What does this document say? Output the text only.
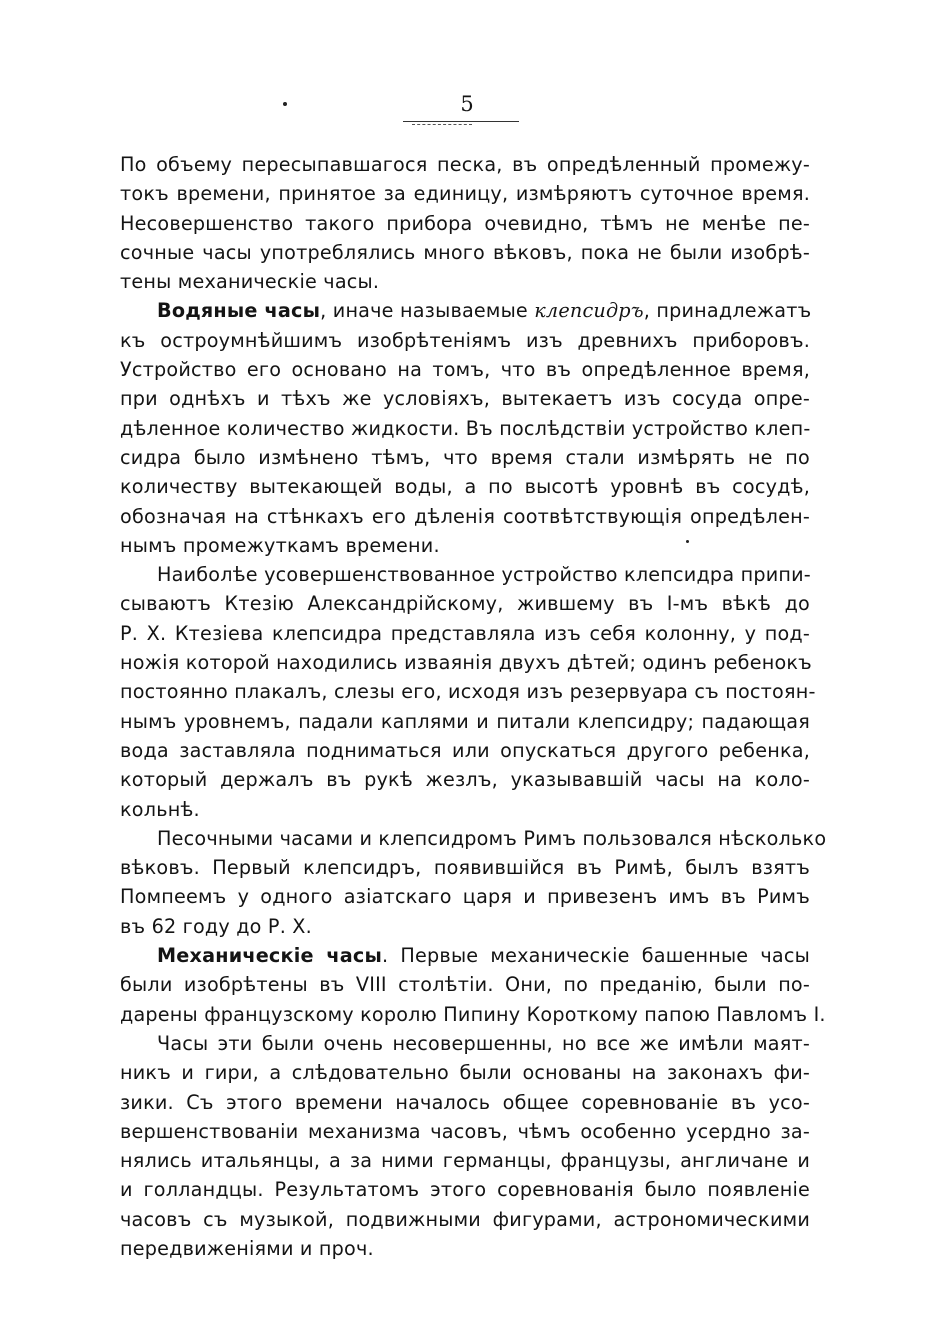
5
По объему пересыпавшагося песка, въ опредѣленный промежу-
токъ времени, принятое за единицу, измѣряютъ суточное время.
Несовершенство такого прибора очевидно, тѣмъ не менѣе пе-
сочные часы употреблялись много вѣковъ, пока не были изобрѣ-
тены механическіе часы.
Водяные часы, иначе называемые клепсидръ, принадлежатъ
къ остроумнѣйшимъ изобрѣтеніямъ изъ древнихъ приборовъ.
Устройство его основано на томъ, что въ опредѣленное время,
при однѣхъ и тѣхъ же условіяхъ, вытекаетъ изъ сосуда опре-
дѣленное количество жидкости. Въ послѣдствіи устройство клеп-
сидра было измѣнено тѣмъ, что время стали измѣрять не по
количеству вытекающей воды, а по высотѣ уровнѣ въ сосудѣ,
обозначая на стѣнкахъ его дѣленія соотвѣтствующія опредѣлен-
нымъ промежуткамъ времени.
Наиболѣе усовершенствованное устройство клепсидра припи-
сываютъ Ктезію Александрійскому, жившему въ I-мъ вѣкѣ до
Р. Х. Ктезіева клепсидра представляла изъ себя колонну, у под-
ножія которой находились изваянія двухъ дѣтей; одинъ ребенокъ
постоянно плакалъ, слезы его, исходя изъ резервуара съ постоян-
нымъ уровнемъ, падали каплями и питали клепсидру; падающая
вода заставляла подниматься или опускаться другого ребенка,
который держалъ въ рукѣ жезлъ, указывавшій часы на коло-
кольнѣ.
Песочными часами и клепсидромъ Римъ пользовался нѣсколько
вѣковъ. Первый клепсидръ, появившійся въ Римѣ, былъ взятъ
Помпеемъ у одного азіатскаго царя и привезенъ имъ въ Римъ
въ 62 году до Р. Х.
Механическіе часы. Первые механическіе башенные часы
были изобрѣтены въ VIII столѣтіи. Они, по преданію, были по-
дарены французскому королю Пипину Короткому папою Павломъ I.
Часы эти были очень несовершенны, но все же имѣли маят-
никъ и гири, а слѣдовательно были основаны на законахъ фи-
зики. Съ этого времени началось общее соревнованіе въ усо-
вершенствованіи механизма часовъ, чѣмъ особенно усердно за-
нялись итальянцы, а за ними германцы, французы, англичане и
и голландцы. Результатомъ этого соревнованія было появленіе
часовъ съ музыкой, подвижными фигурами, астрономическими
передвиженіями и проч.
